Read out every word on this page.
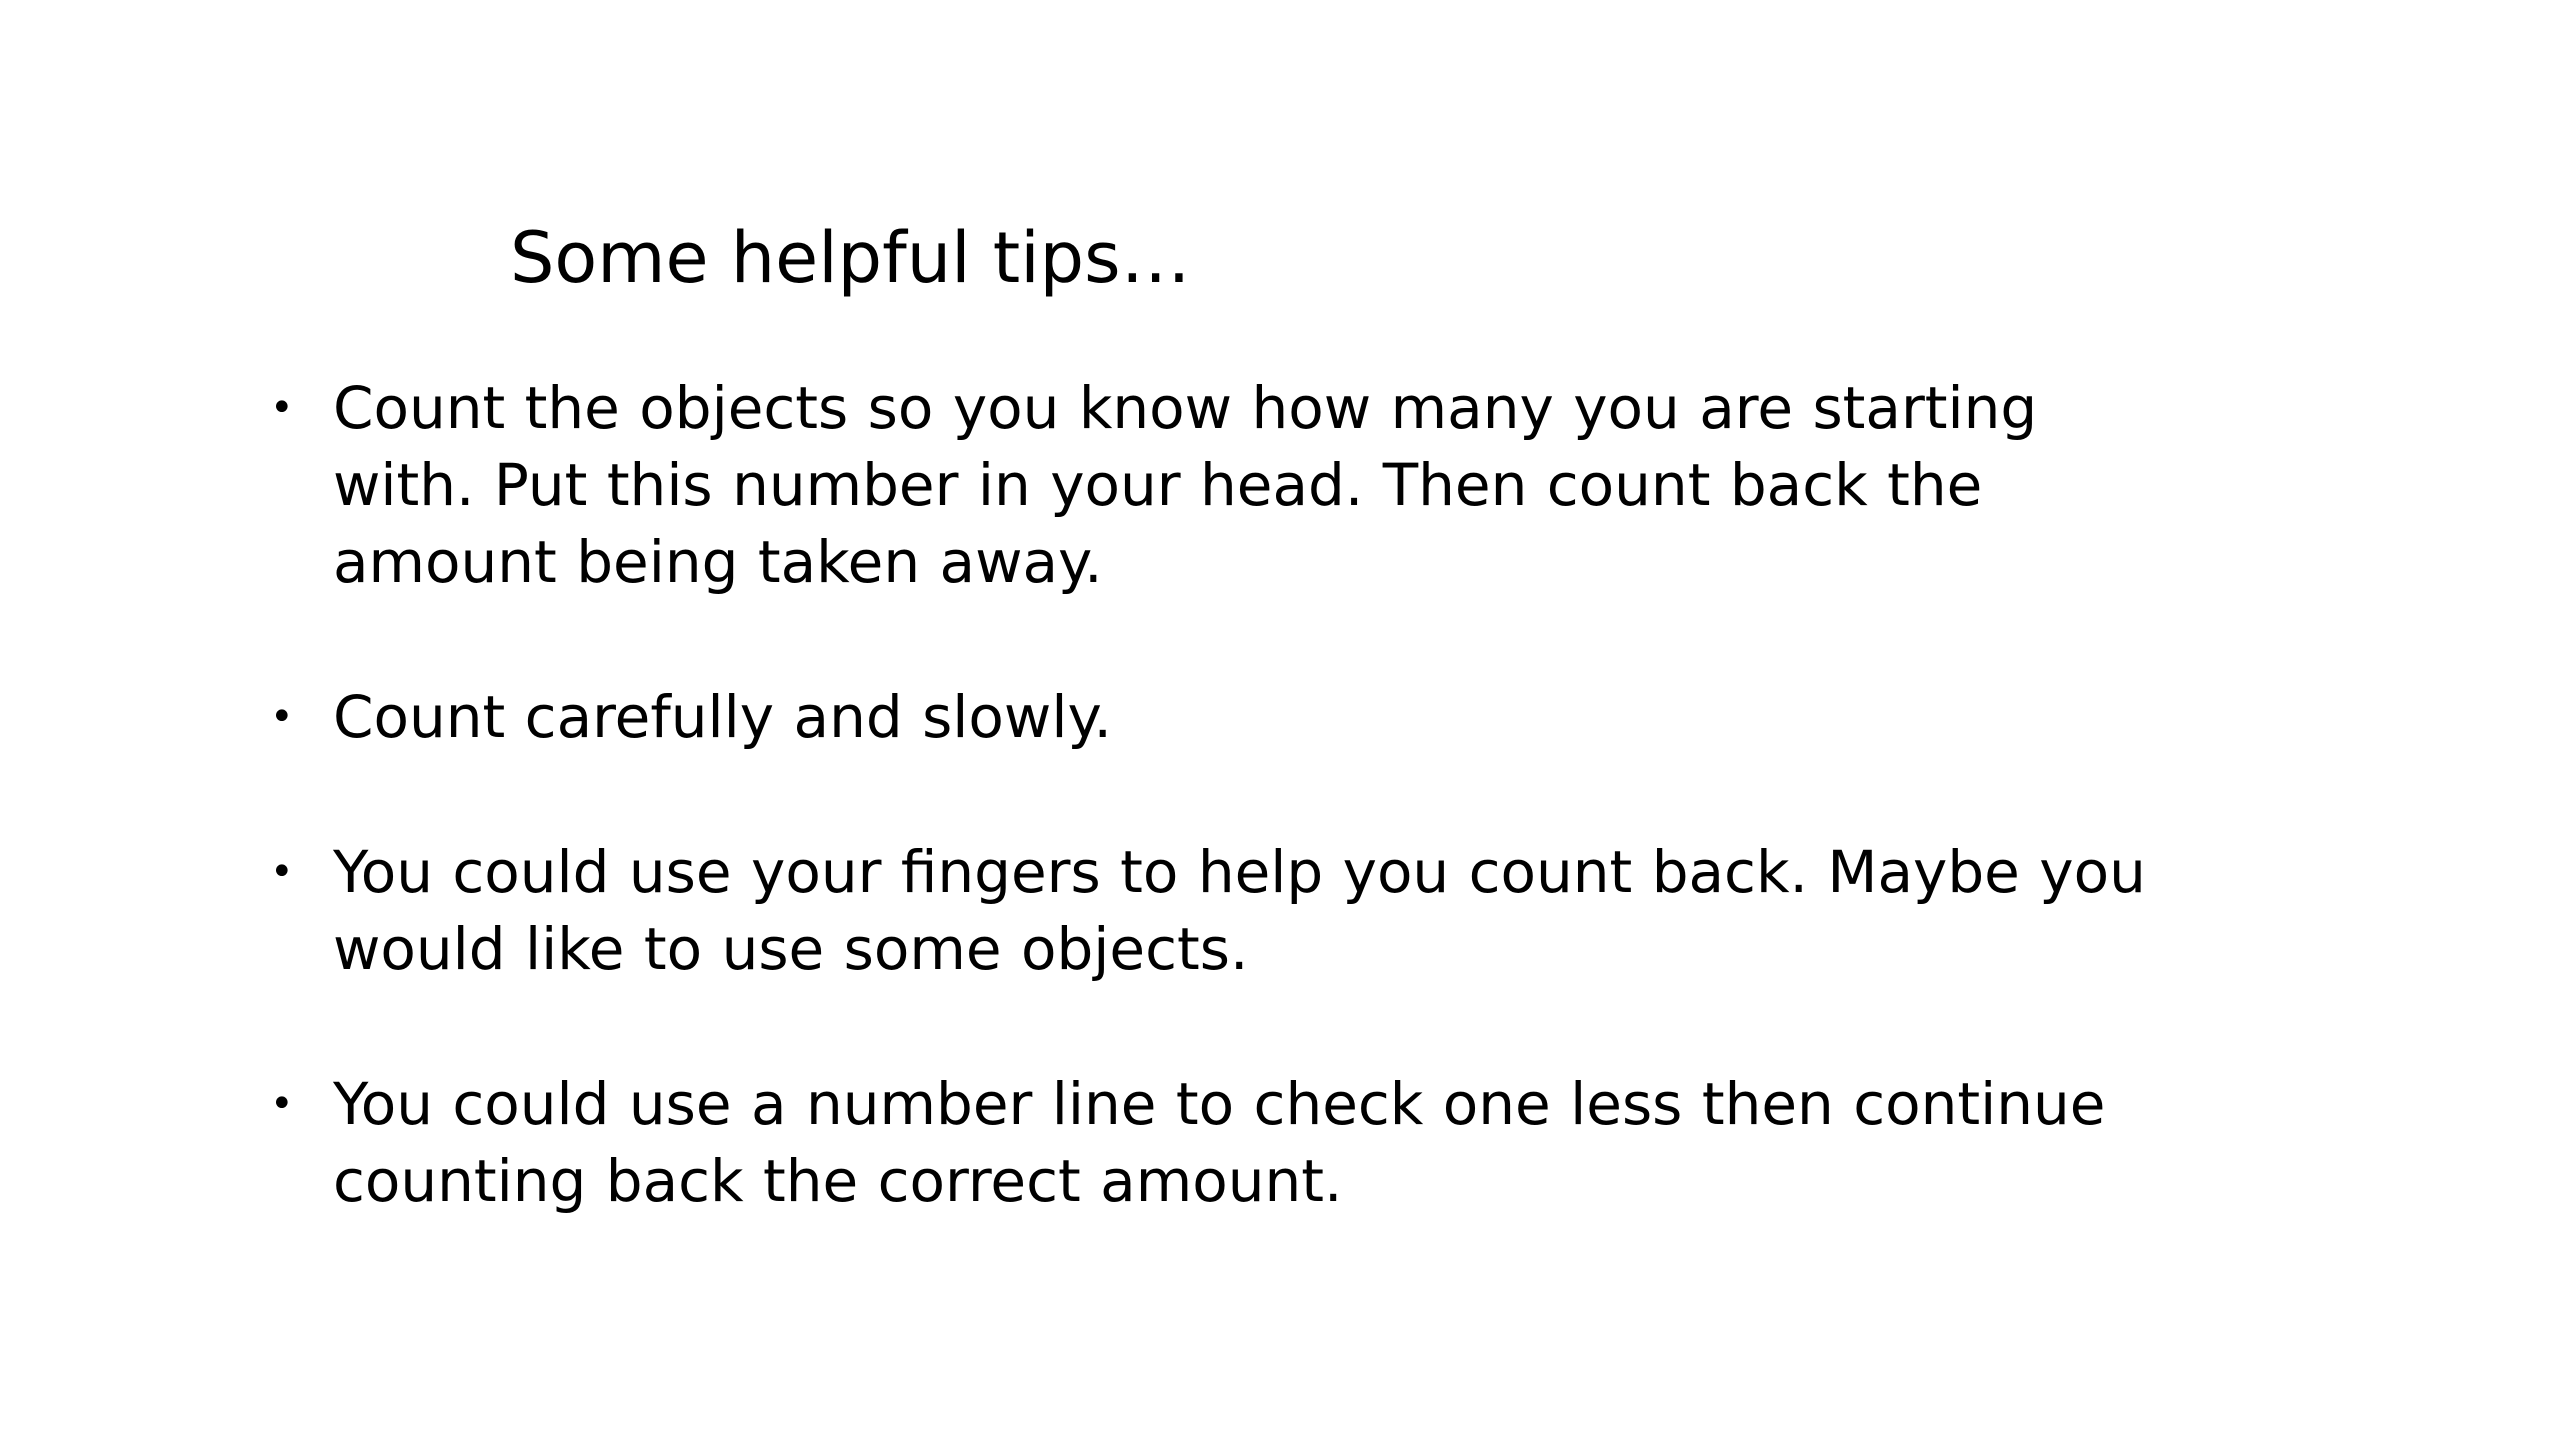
Some helpful tips…
• Count the objects so you know how many you are starting with. Put this number in your head. Then count back the amount being taken away.
• Count carefully and slowly.
• You could use your fingers to help you count back. Maybe you would like to use some objects.
• You could use a number line to check one less then continue counting back the correct amount.
